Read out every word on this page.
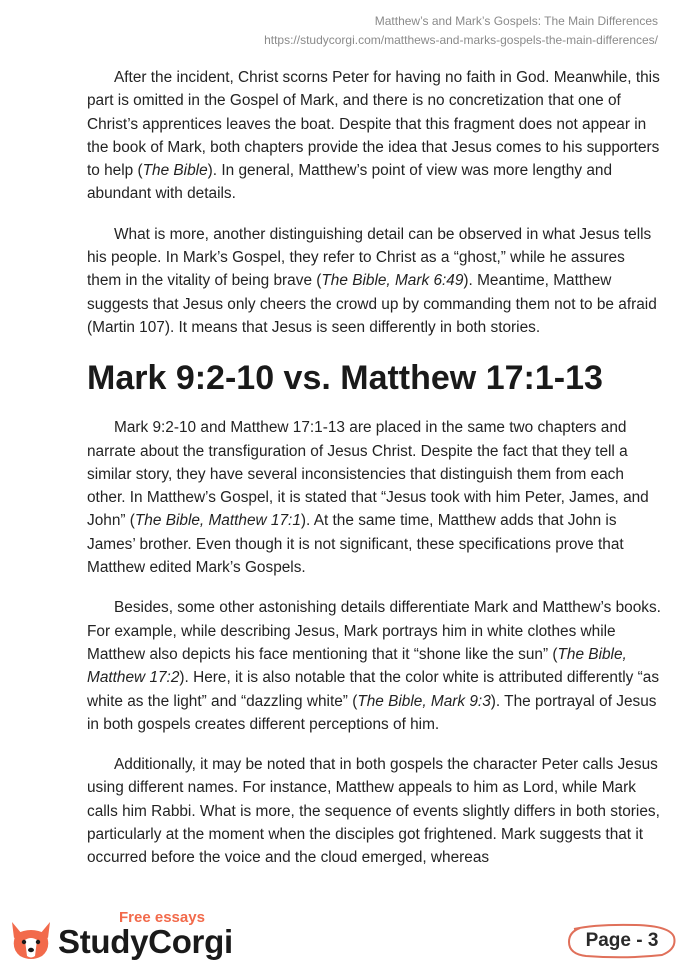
Matthew’s and Mark’s Gospels: The Main Differences
https://studycorgi.com/matthews-and-marks-gospels-the-main-differences/

After the incident, Christ scorns Peter for having no faith in God. Meanwhile, this part is omitted in the Gospel of Mark, and there is no concretization that one of Christ’s apprentices leaves the boat. Despite that this fragment does not appear in the book of Mark, both chapters provide the idea that Jesus comes to his supporters to help (The Bible). In general, Matthew’s point of view was more lengthy and abundant with details.

What is more, another distinguishing detail can be observed in what Jesus tells his people. In Mark’s Gospel, they refer to Christ as a “ghost,” while he assures them in the vitality of being brave (The Bible, Mark 6:49). Meantime, Matthew suggests that Jesus only cheers the crowd up by commanding them not to be afraid (Martin 107). It means that Jesus is seen differently in both stories.

Mark 9:2-10 vs. Matthew 17:1-13

Mark 9:2-10 and Matthew 17:1-13 are placed in the same two chapters and narrate about the transfiguration of Jesus Christ. Despite the fact that they tell a similar story, they have several inconsistencies that distinguish them from each other. In Matthew’s Gospel, it is stated that “Jesus took with him Peter, James, and John” (The Bible, Matthew 17:1). At the same time, Matthew adds that John is James’ brother. Even though it is not significant, these specifications prove that Matthew edited Mark’s Gospels.

Besides, some other astonishing details differentiate Mark and Matthew’s books. For example, while describing Jesus, Mark portrays him in white clothes while Matthew also depicts his face mentioning that it “shone like the sun” (The Bible, Matthew 17:2). Here, it is also notable that the color white is attributed differently “as white as the light” and “dazzling white” (The Bible, Mark 9:3). The portrayal of Jesus in both gospels creates different perceptions of him.

Additionally, it may be noted that in both gospels the character Peter calls Jesus using different names. For instance, Matthew appeals to him as Lord, while Mark calls him Rabbi. What is more, the sequence of events slightly differs in both stories, particularly at the moment when the disciples got frightened. Mark suggests that it occurred before the voice and the cloud emerged, whereas

Free essays
StudyCorgi	Page - 3
